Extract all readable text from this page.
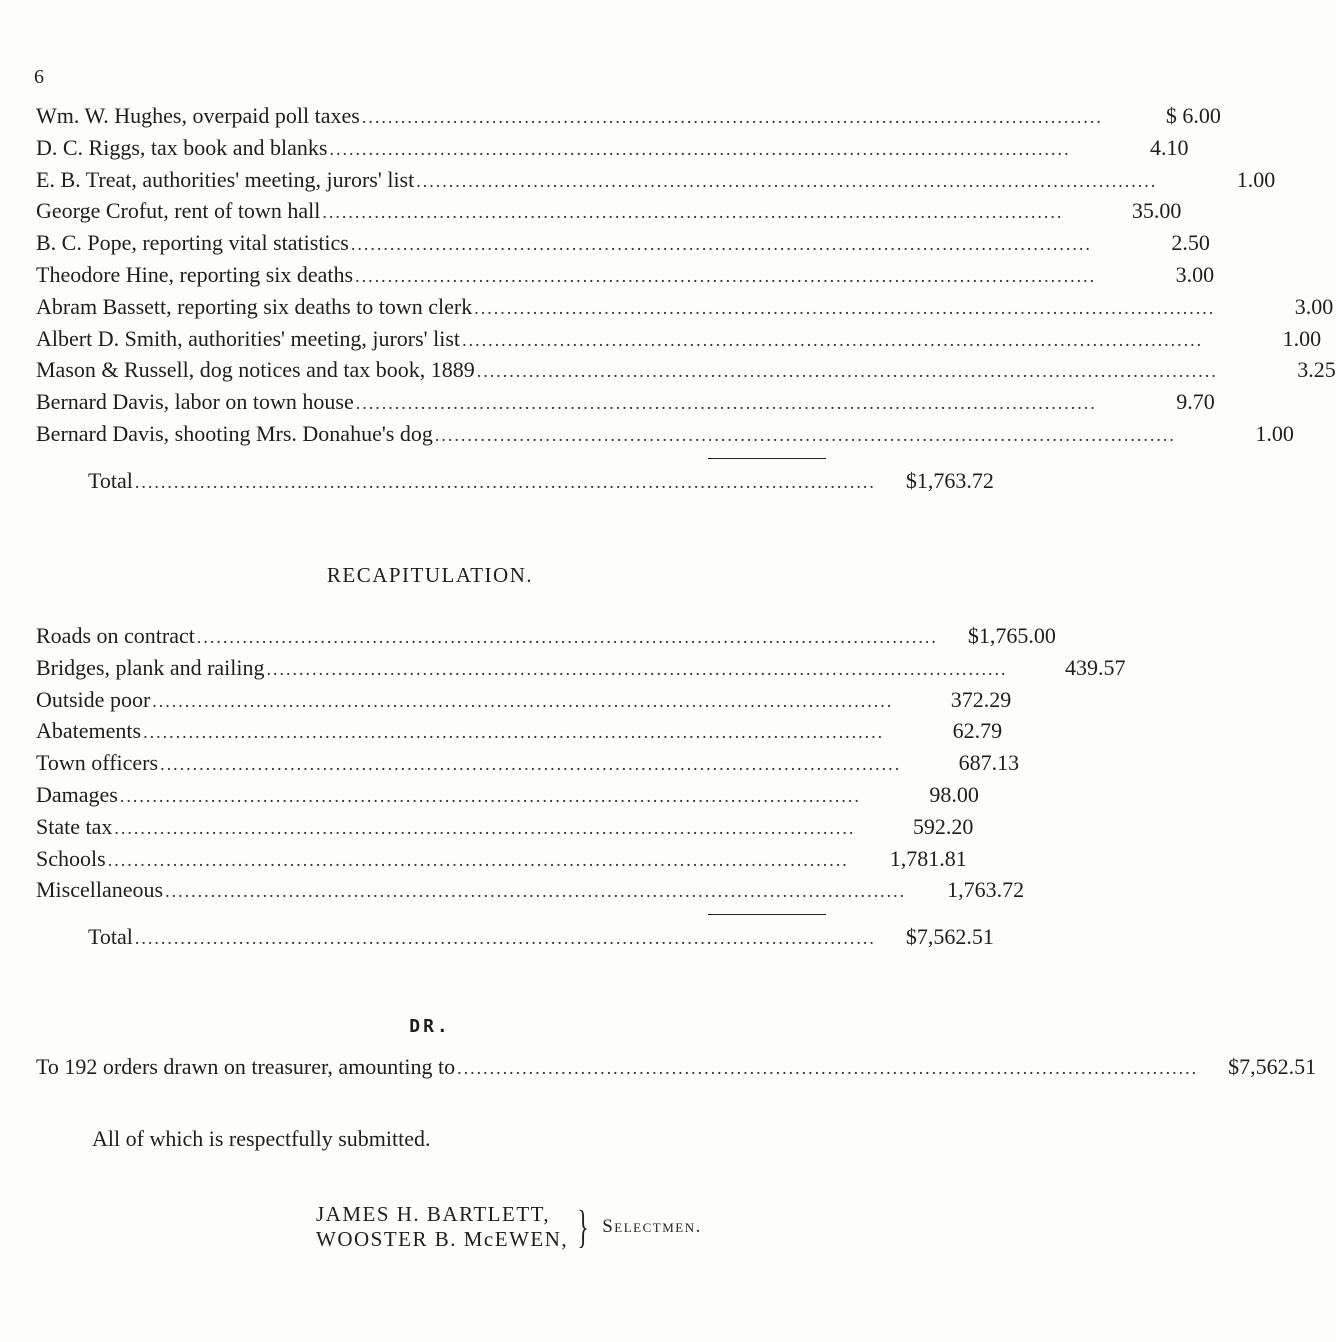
6
Wm. W. Hughes, overpaid poll taxes ..................................................................................................................	$ 6.00
D. C. Riggs, tax book and blanks ..................................................................................................................	4.10
E. B. Treat, authorities' meeting, jurors' list ..................................................................................................................	1.00
George Crofut, rent of town hall ..................................................................................................................	35.00
B. C. Pope, reporting vital statistics ..................................................................................................................	2.50
Theodore Hine, reporting six deaths ..................................................................................................................	3.00
Abram Bassett, reporting six deaths to town clerk ..................................................................................................................	3.00
Albert D. Smith, authorities' meeting, jurors' list ..................................................................................................................	1.00
Mason & Russell, dog notices and tax book, 1889 ..................................................................................................................	3.25
Bernard Davis, labor on town house ..................................................................................................................	9.70
Bernard Davis, shooting Mrs. Donahue's dog ..................................................................................................................	1.00
Total ..................................................................................................................	$1,763.72
RECAPITULATION.
Roads on contract ..................................................................................................................	$1,765.00
Bridges, plank and railing ..................................................................................................................	439.57
Outside poor ..................................................................................................................	372.29
Abatements ..................................................................................................................	62.79
Town officers ..................................................................................................................	687.13
Damages ..................................................................................................................	98.00
State tax ..................................................................................................................	592.20
Schools ..................................................................................................................	1,781.81
Miscellaneous ..................................................................................................................	1,763.72
Total ..................................................................................................................	$7,562.51
DR.
To 192 orders drawn on treasurer, amounting to ..................................................................................................................	$7,562.51
All of which is respectfully submitted.
JAMES H. BARTLETT,
WOOSTER B. McEWEN, } Selectmen.
